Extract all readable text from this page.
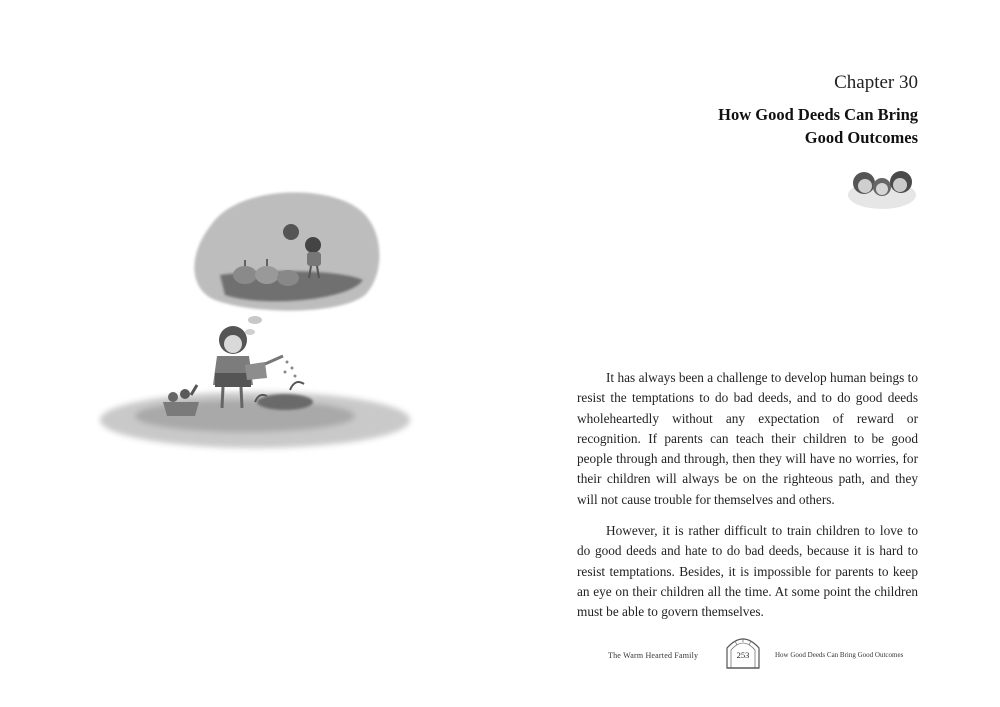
Chapter 30
How Good Deeds Can Bring
Good Outcomes

It has always been a challenge to develop human beings to resist the temptations to do bad deeds, and to do good deeds wholeheartedly without any expectation of reward or recognition. If parents can teach their children to be good people through and through, then they will have no worries, for their children will always be on the righteous path, and they will not cause trouble for themselves and others.

However, it is rather difficult to train children to love to do good deeds and hate to do bad deeds, because it is hard to resist temptations. Besides, it is impossible for parents to keep an eye on their children all the time. At some point the children must be able to govern themselves.

The Warm Hearted Family	253	How Good Deeds Can Bring Good Outcomes
